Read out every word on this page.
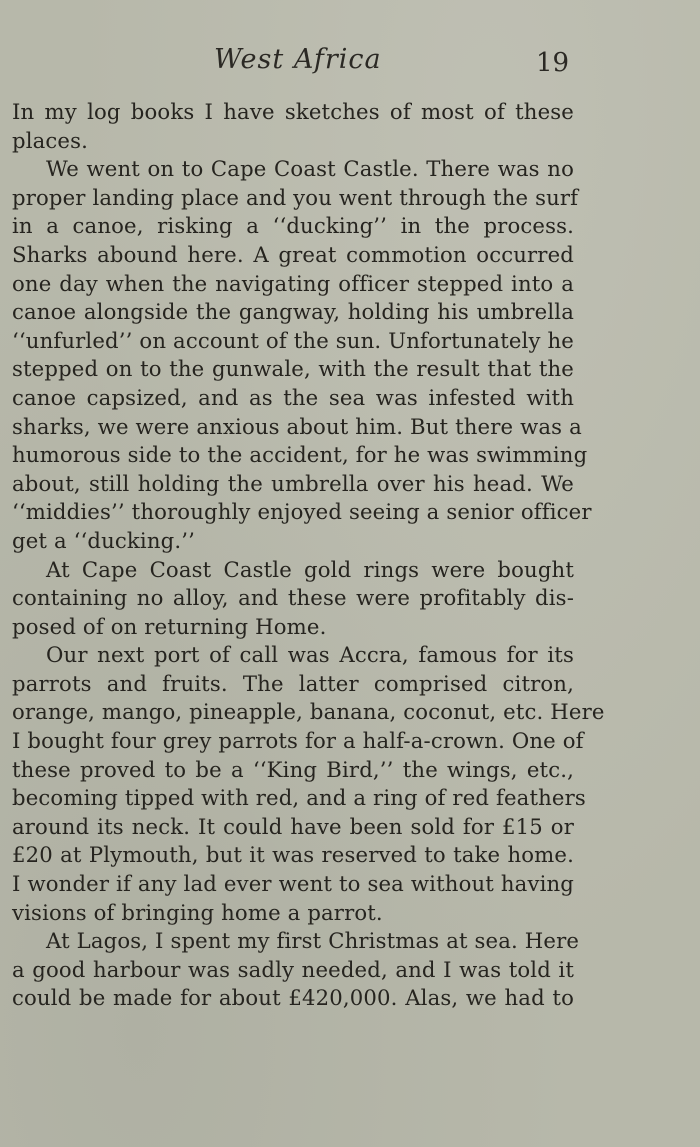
West Africa	19
In my log books I have sketches of most of these
places.
We went on to Cape Coast Castle. There was no
proper landing place and you went through the surf
in a canoe, risking a ‘‘ducking’’ in the process.
Sharks abound here. A great commotion occurred
one day when the navigating officer stepped into a
canoe alongside the gangway, holding his umbrella
‘‘unfurled’’ on account of the sun. Unfortunately he
stepped on to the gunwale, with the result that the
canoe capsized, and as the sea was infested with
sharks, we were anxious about him. But there was a
humorous side to the accident, for he was swimming
about, still holding the umbrella over his head. We
‘‘middies’’ thoroughly enjoyed seeing a senior officer
get a ‘‘ducking.’’
At Cape Coast Castle gold rings were bought
containing no alloy, and these were profitably dis-
posed of on returning Home.
Our next port of call was Accra, famous for its
parrots and fruits. The latter comprised citron,
orange, mango, pineapple, banana, coconut, etc. Here
I bought four grey parrots for a half-a-crown. One of
these proved to be a ‘‘King Bird,’’ the wings, etc.,
becoming tipped with red, and a ring of red feathers
around its neck. It could have been sold for £15 or
£20 at Plymouth, but it was reserved to take home.
I wonder if any lad ever went to sea without having
visions of bringing home a parrot.
At Lagos, I spent my first Christmas at sea. Here
a good harbour was sadly needed, and I was told it
could be made for about £420,000. Alas, we had to
